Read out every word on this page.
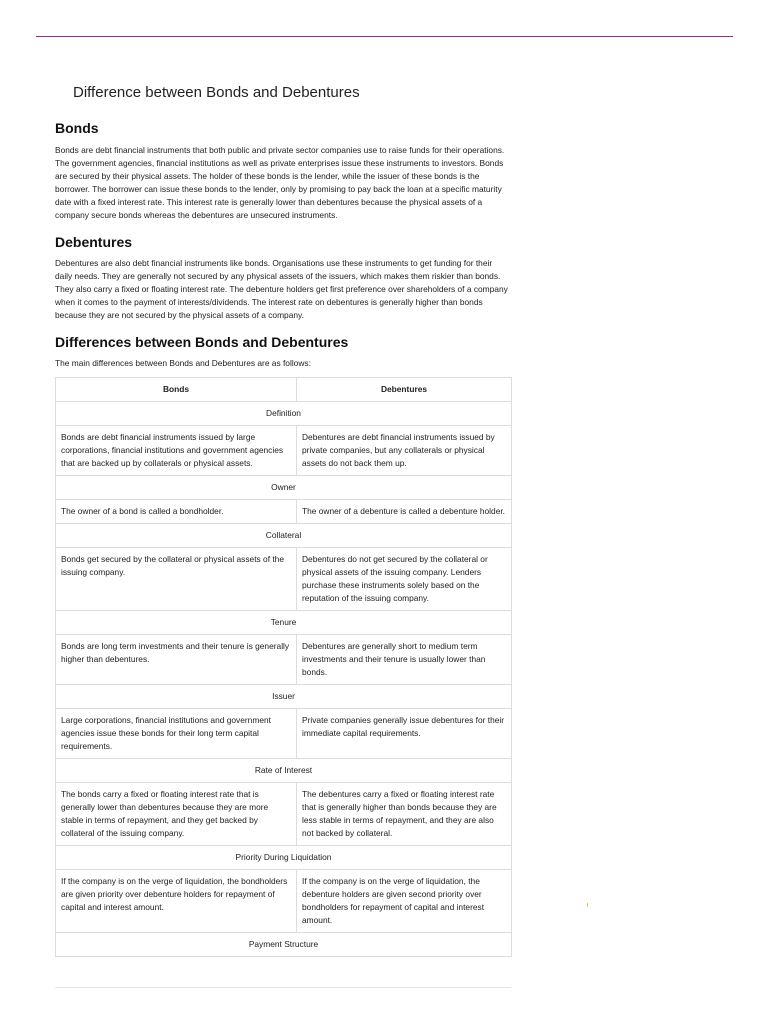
Difference between Bonds and Debentures
Bonds

Bonds are debt financial instruments that both public and private sector companies use to raise funds for their operations. The government agencies, financial institutions as well as private enterprises issue these instruments to investors. Bonds are secured by their physical assets. The holder of these bonds is the lender, while the issuer of these bonds is the borrower. The borrower can issue these bonds to the lender, only by promising to pay back the loan at a specific maturity date with a fixed interest rate. This interest rate is generally lower than debentures because the physical assets of a company secure bonds whereas the debentures are unsecured instruments.

Debentures

Debentures are also debt financial instruments like bonds. Organisations use these instruments to get funding for their daily needs. They are generally not secured by any physical assets of the issuers, which makes them riskier than bonds. They also carry a fixed or floating interest rate. The debenture holders get first preference over shareholders of a company when it comes to the payment of interests/dividends. The interest rate on debentures is generally higher than bonds because they are not secured by the physical assets of a company.

Differences between Bonds and Debentures

The main differences between Bonds and Debentures are as follows:

Bonds	Debentures
Definition	
Bonds are debt financial instruments issued by large corporations, financial institutions and government agencies that are backed up by collaterals or physical assets.	Debentures are debt financial instruments issued by private companies, but any collaterals or physical assets do not back them up.
Owner	
The owner of a bond is called a bondholder.	The owner of a debenture is called a debenture holder.
Collateral	
Bonds get secured by the collateral or physical assets of the issuing company.	Debentures do not get secured by the collateral or physical assets of the issuing company. Lenders purchase these instruments solely based on the reputation of the issuing company.
Tenure	
Bonds are long term investments and their tenure is generally higher than debentures.	Debentures are generally short to medium term investments and their tenure is usually lower than bonds.
Issuer	
Large corporations, financial institutions and government agencies issue these bonds for their long term capital requirements.	Private companies generally issue debentures for their immediate capital requirements.
Rate of Interest	
The bonds carry a fixed or floating interest rate that is generally lower than debentures because they are more stable in terms of repayment, and they get backed by collateral of the issuing company.	The debentures carry a fixed or floating interest rate that is generally higher than bonds because they are less stable in terms of repayment, and they are also not backed by collateral.
Priority During Liquidation	
If the company is on the verge of liquidation, the bondholders are given priority over debenture holders for repayment of capital and interest amount.	If the company is on the verge of liquidation, the debenture holders are given second priority over bondholders for repayment of capital and interest amount.
Payment Structure	
